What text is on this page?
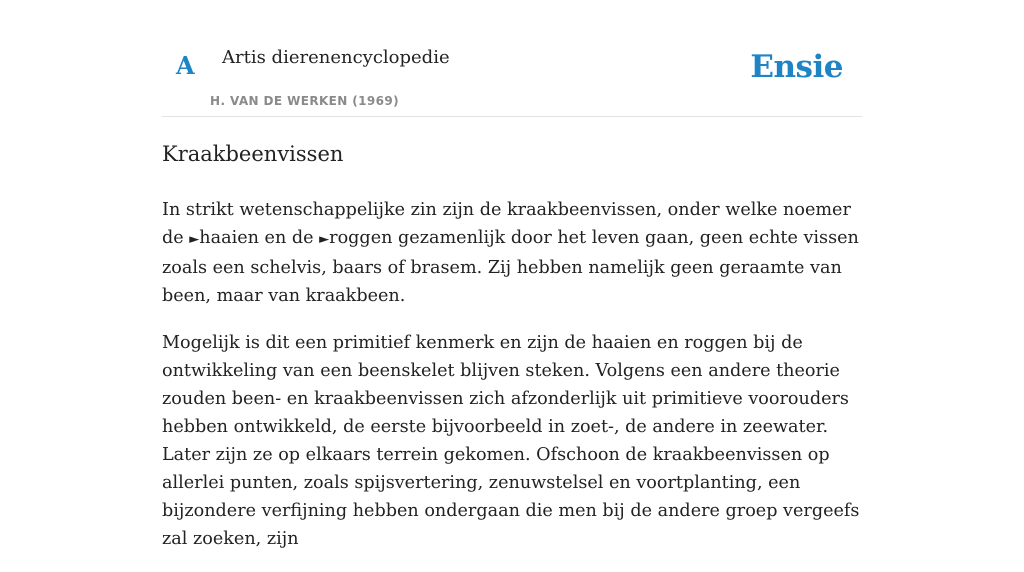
A Artis dierenencyclopedie
H. VAN DE WERKEN (1969)
Ensie
Kraakbeenvissen

In strikt wetenschappelijke zin zijn de kraakbeenvissen, onder welke noemer de ►haaien en de ►roggen gezamenlijk door het leven gaan, geen echte vissen zoals een schelvis, baars of brasem. Zij hebben namelijk geen geraamte van been, maar van kraakbeen.

Mogelijk is dit een primitief kenmerk en zijn de haaien en roggen bij de ontwikkeling van een beenskelet blijven steken. Volgens een andere theorie zouden been- en kraakbeenvissen zich afzonderlijk uit primitieve voorouders hebben ontwikkeld, de eerste bijvoorbeeld in zoet-, de andere in zeewater. Later zijn ze op elkaars terrein gekomen. Ofschoon de kraakbeenvissen op allerlei punten, zoals spijsvertering, zenuwstelsel en voortplanting, een bijzondere verfijning hebben ondergaan die men bij de andere groep vergeefs zal zoeken, zijn
